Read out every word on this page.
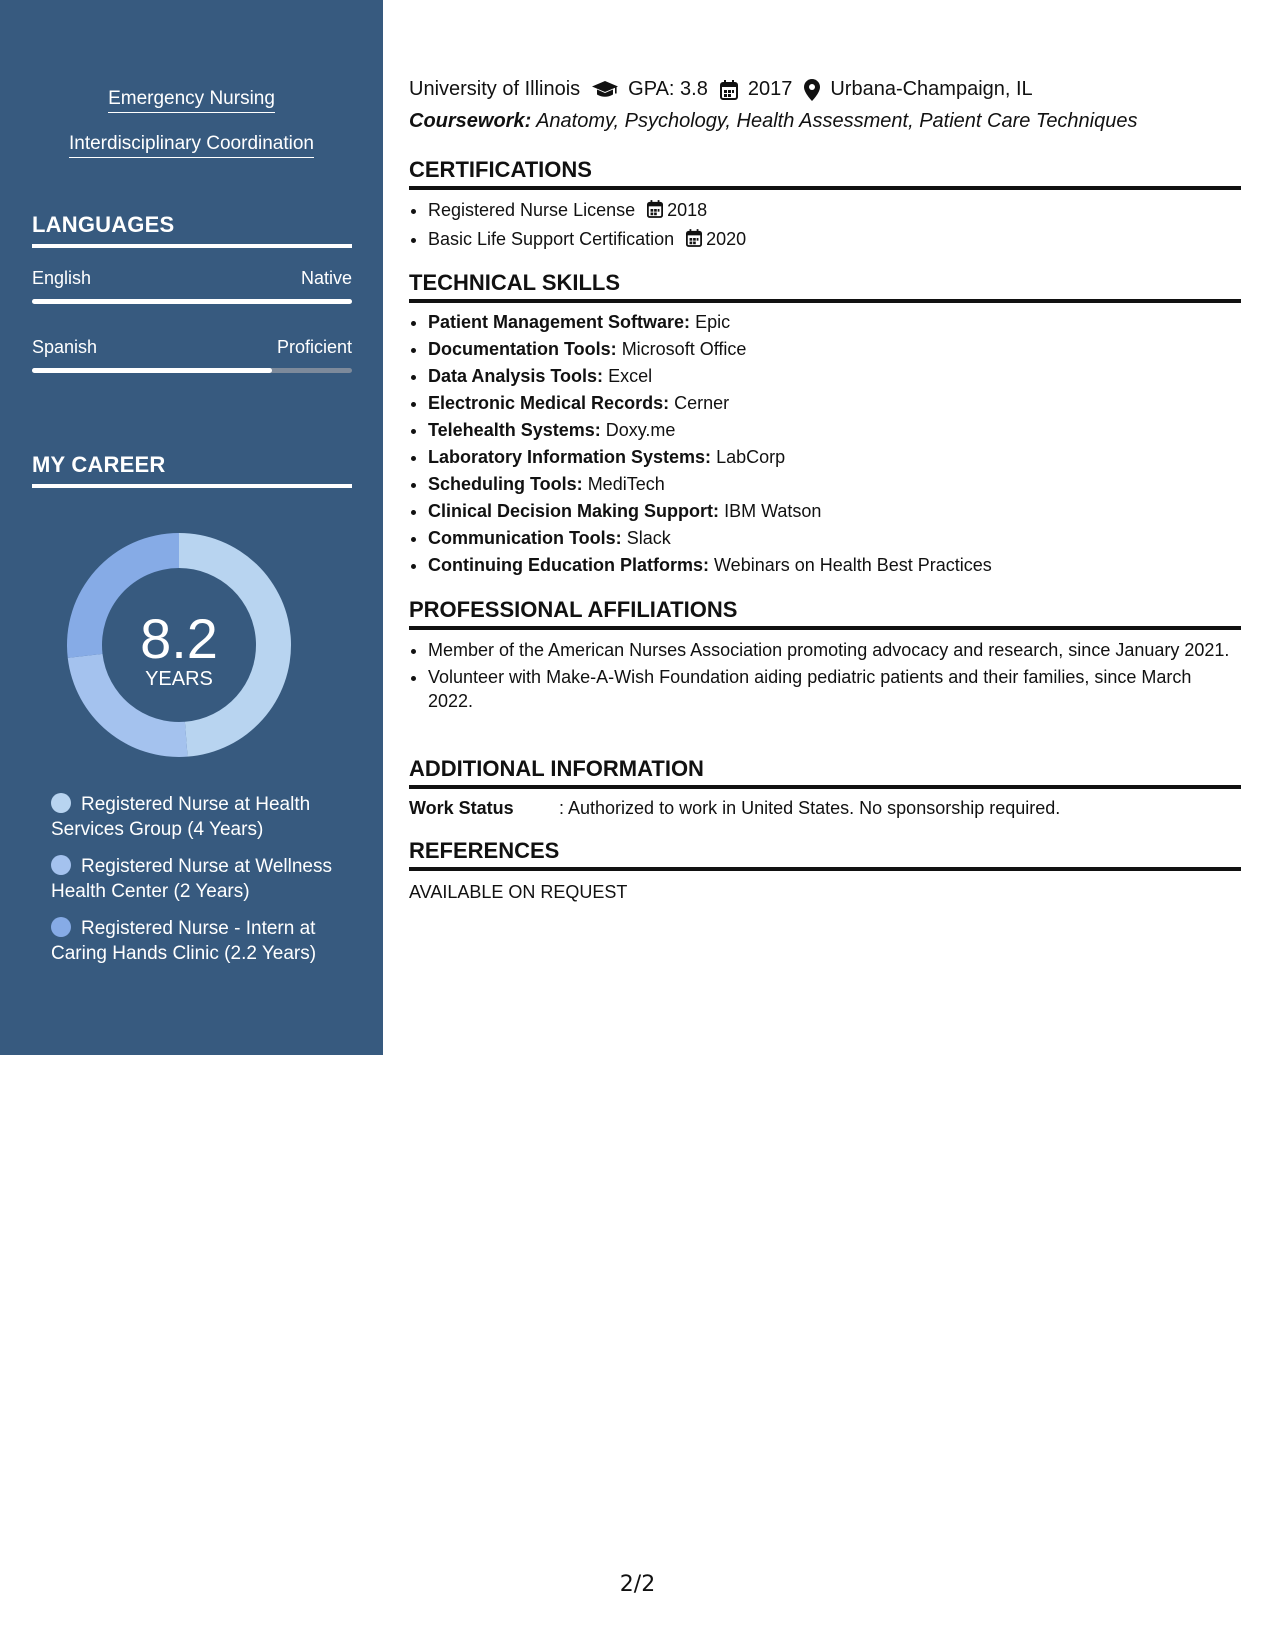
Emergency Nursing
Interdisciplinary Coordination
LANGUAGES
English	Native
Spanish	Proficient
MY CAREER
8.2
YEARS
Registered Nurse at Health Services Group (4 Years)
Registered Nurse at Wellness Health Center (2 Years)
Registered Nurse - Intern at Caring Hands Clinic (2.2 Years)
University of Illinois GPA: 3.8 2017 Urbana-Champaign, IL
Coursework: Anatomy, Psychology, Health Assessment, Patient Care Techniques
CERTIFICATIONS
• Registered Nurse License 2018
• Basic Life Support Certification 2020
TECHNICAL SKILLS
• Patient Management Software: Epic
• Documentation Tools: Microsoft Office
• Data Analysis Tools: Excel
• Electronic Medical Records: Cerner
• Telehealth Systems: Doxy.me
• Laboratory Information Systems: LabCorp
• Scheduling Tools: MediTech
• Clinical Decision Making Support: IBM Watson
• Communication Tools: Slack
• Continuing Education Platforms: Webinars on Health Best Practices
PROFESSIONAL AFFILIATIONS
• Member of the American Nurses Association promoting advocacy and research, since January 2021.
• Volunteer with Make-A-Wish Foundation aiding pediatric patients and their families, since March 2022.
ADDITIONAL INFORMATION
Work Status	: Authorized to work in United States. No sponsorship required.
REFERENCES
AVAILABLE ON REQUEST
2/2
